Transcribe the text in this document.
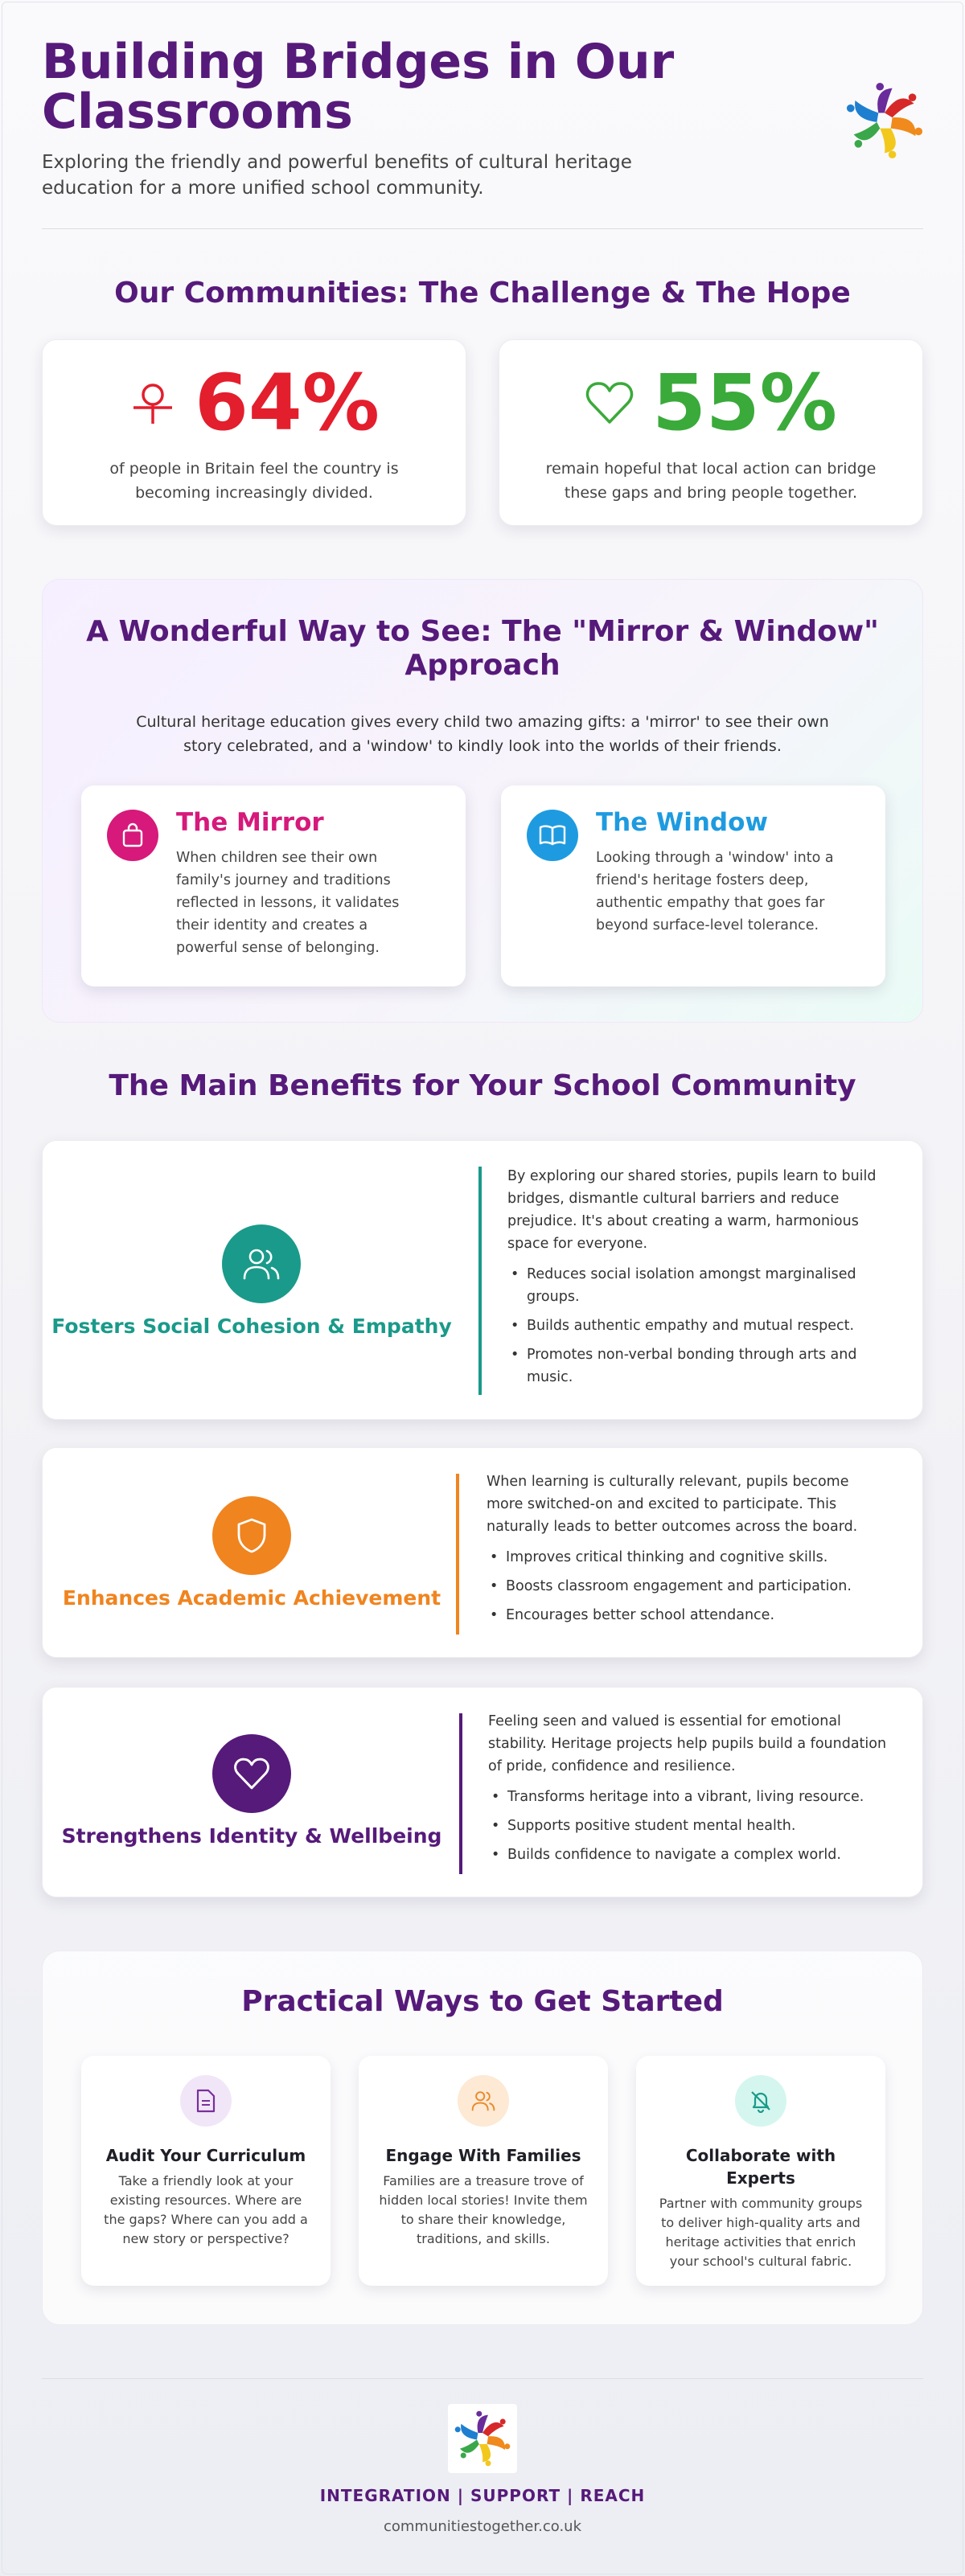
Building Bridges in Our Classrooms

Exploring the friendly and powerful benefits of cultural heritage education for a more unified school community.

Our Communities: The Challenge & The Hope
64%

of people in Britain feel the country is becoming increasingly divided.

55%

remain hopeful that local action can bridge these gaps and bring people together.

A Wonderful Way to See: The "Mirror & Window" Approach

Cultural heritage education gives every child two amazing gifts: a 'mirror' to see their own story celebrated, and a 'window' to kindly look into the worlds of their friends.

The Mirror

When children see their own family's journey and traditions reflected in lessons, it validates their identity and creates a powerful sense of belonging.

The Window

Looking through a 'window' into a friend's heritage fosters deep, authentic empathy that goes far beyond surface-level tolerance.

The Main Benefits for Your School Community
Fosters Social Cohesion & Empathy

By exploring our shared stories, pupils learn to build bridges, dismantle cultural barriers and reduce prejudice. It's about creating a warm, harmonious space for everyone.

• Reduces social isolation amongst marginalised groups.
• Builds authentic empathy and mutual respect.
• Promotes non-verbal bonding through arts and music.
Enhances Academic Achievement

When learning is culturally relevant, pupils become more switched-on and excited to participate. This naturally leads to better outcomes across the board.

• Improves critical thinking and cognitive skills.
• Boosts classroom engagement and participation.
• Encourages better school attendance.
Strengthens Identity & Wellbeing

Feeling seen and valued is essential for emotional stability. Heritage projects help pupils build a foundation of pride, confidence and resilience.

• Transforms heritage into a vibrant, living resource.
• Supports positive student mental health.
• Builds confidence to navigate a complex world.
Practical Ways to Get Started
Audit Your Curriculum

Take a friendly look at your existing resources. Where are the gaps? Where can you add a new story or perspective?

Engage With Families

Families are a treasure trove of hidden local stories! Invite them to share their knowledge, traditions, and skills.

Collaborate with Experts

Partner with community groups to deliver high-quality arts and heritage activities that enrich your school's cultural fabric.

INTEGRATION | SUPPORT | REACH
communitiestogether.co.uk
